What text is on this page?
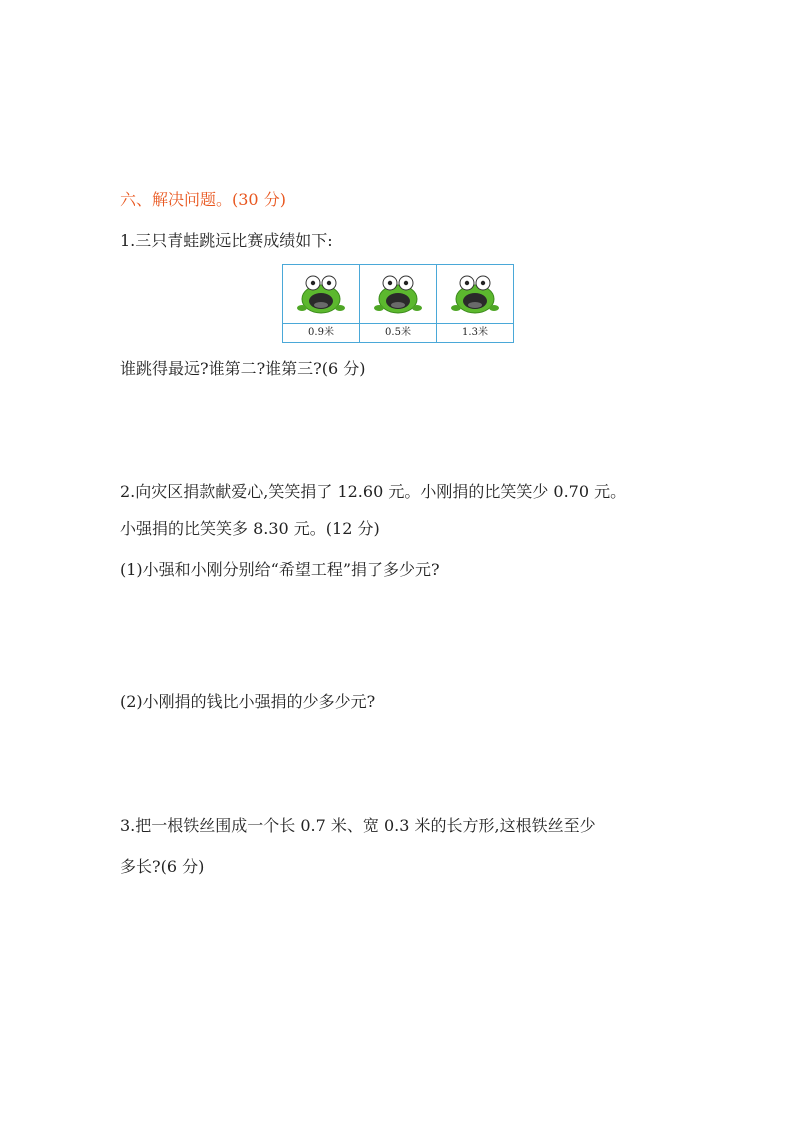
六、解决问题。(30 分)
1.三只青蛙跳远比赛成绩如下:

0.9米	0.5米	1.3米
谁跳得最远?谁第二?谁第三?(6 分)
2.向灾区捐款献爱心,笑笑捐了 12.60 元。小刚捐的比笑笑少 0.70 元。
小强捐的比笑笑多 8.30 元。(12 分)
(1)小强和小刚分别给“希望工程”捐了多少元?
(2)小刚捐的钱比小强捐的少多少元?
3.把一根铁丝围成一个长 0.7 米、宽 0.3 米的长方形,这根铁丝至少
多长?(6 分)
